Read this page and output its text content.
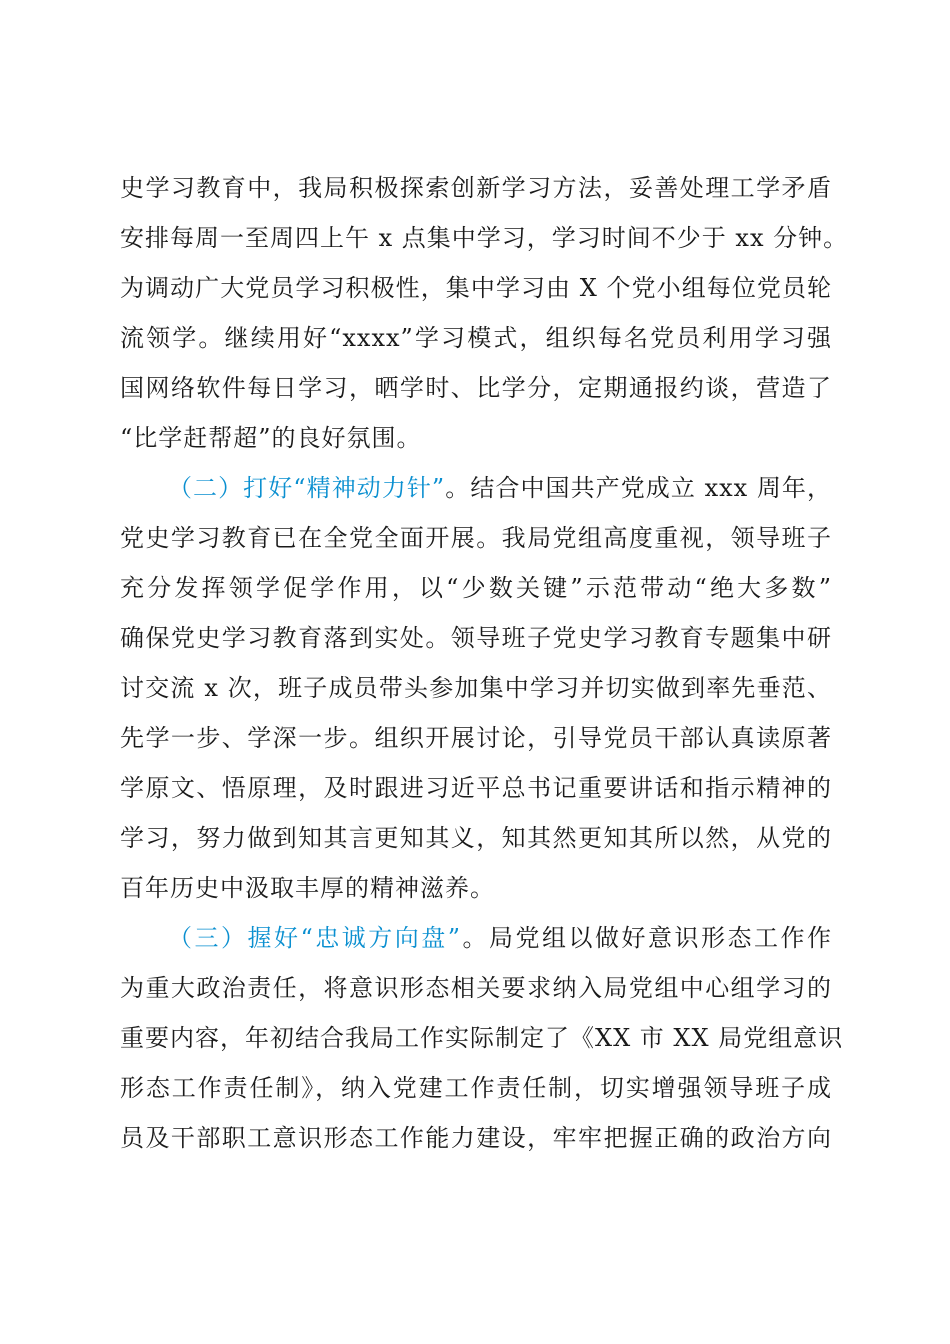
史学习教育中，我局积极探索创新学习方法，妥善处理工学矛盾
安排每周一至周四上午 x 点集中学习，学习时间不少于 xx 分钟。
为调动广大党员学习积极性，集中学习由 X 个党小组每位党员轮
流领学。继续用好“xxxx”学习模式，组织每名党员利用学习强
国网络软件每日学习，晒学时、比学分，定期通报约谈，营造了
“比学赶帮超”的良好氛围。
（二）打好“精神动力针”。结合中国共产党成立 xxx 周年，
党史学习教育已在全党全面开展。我局党组高度重视，领导班子
充分发挥领学促学作用，以“少数关键”示范带动“绝大多数”
确保党史学习教育落到实处。领导班子党史学习教育专题集中研
讨交流 x 次，班子成员带头参加集中学习并切实做到率先垂范、
先学一步、学深一步。组织开展讨论，引导党员干部认真读原著
学原文、悟原理，及时跟进习近平总书记重要讲话和指示精神的
学习，努力做到知其言更知其义，知其然更知其所以然，从党的
百年历史中汲取丰厚的精神滋养。
（三）握好“忠诚方向盘”。局党组以做好意识形态工作作
为重大政治责任，将意识形态相关要求纳入局党组中心组学习的
重要内容，年初结合我局工作实际制定了《XX 市 XX 局党组意识
形态工作责任制》，纳入党建工作责任制，切实增强领导班子成
员及干部职工意识形态工作能力建设，牢牢把握正确的政治方向
